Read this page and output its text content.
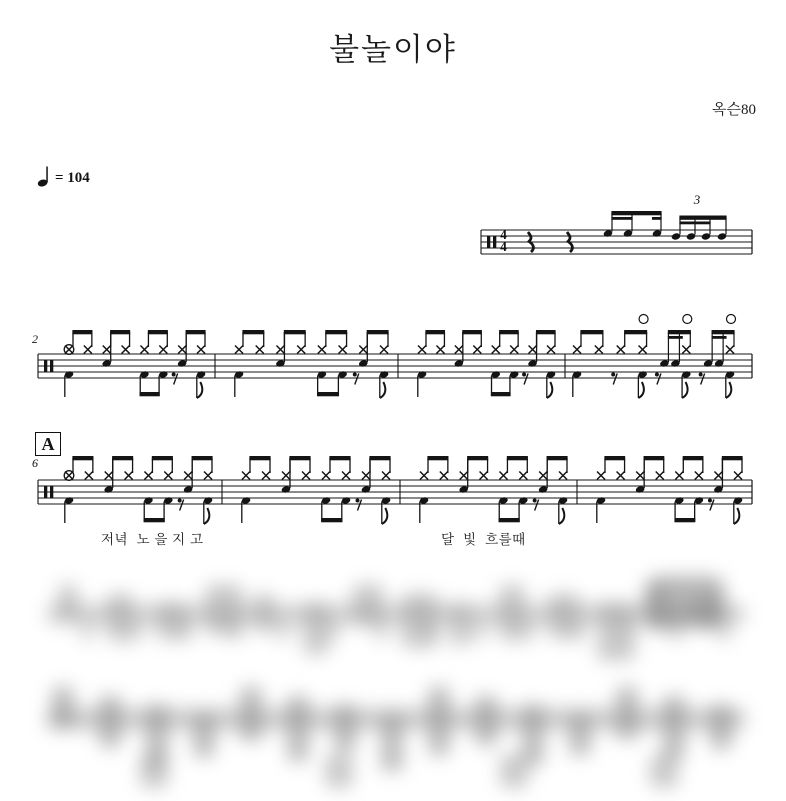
불놀이야
옥슨80
= 104
4
4
2
6
A
3
저녁  노 을 지 고	달  빛  흐를때
